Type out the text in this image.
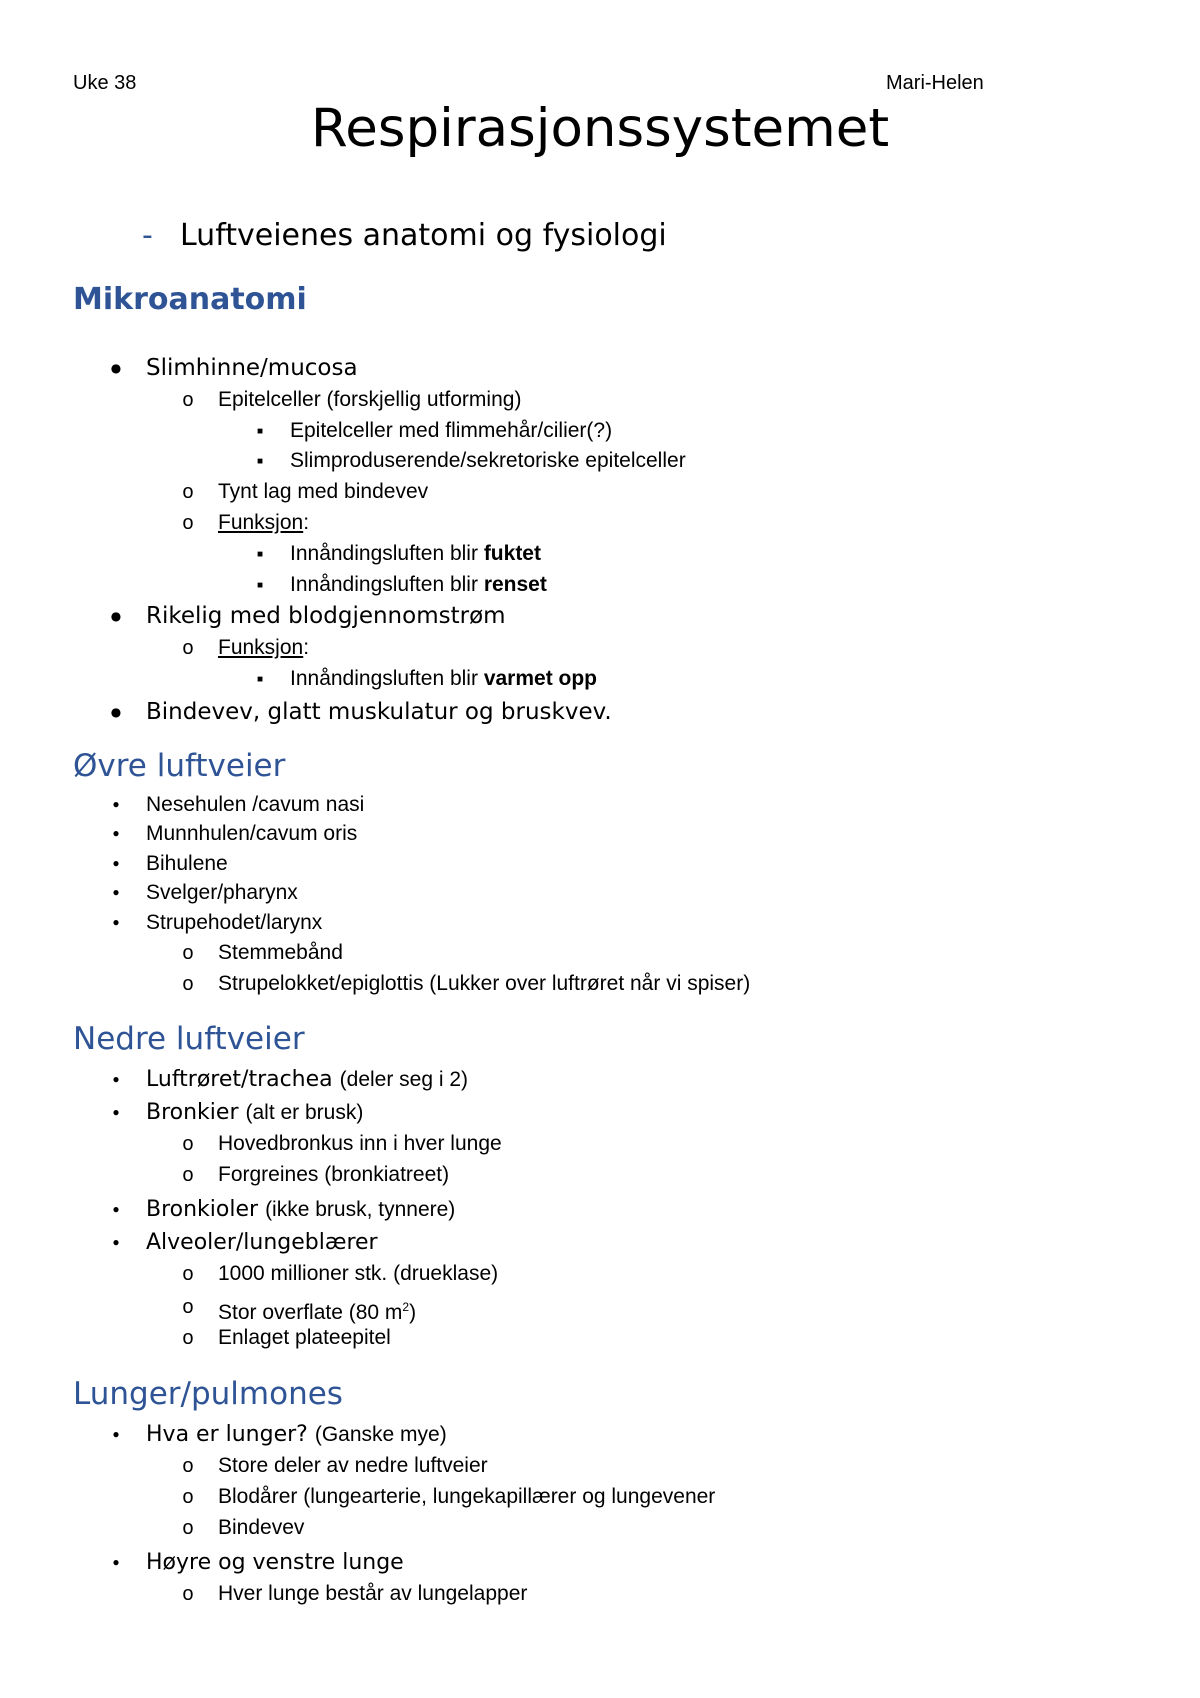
Uke 38	Mari-Helen
Respirasjonssystemet
- Luftveienes anatomi og fysiologi
Mikroanatomi
●
Slimhinne/mucosa
o
Epitelceller (forskjellig utforming)
■
Epitelceller med flimmehår/cilier(?)
■
Slimproduserende/sekretoriske epitelceller
o
Tynt lag med bindevev
o
Funksjon:
■
Innåndingsluften blir fuktet
■
Innåndingsluften blir renset
●
Rikelig med blodgjennomstrøm
o
Funksjon:
■
Innåndingsluften blir varmet opp
●
Bindevev, glatt muskulatur og bruskvev.
Øvre luftveier
●
Nesehulen /cavum nasi
●
Munnhulen/cavum oris
●
Bihulene
●
Svelger/pharynx
●
Strupehodet/larynx
o
Stemmebånd
o
Strupelokket/epiglottis (Lukker over luftrøret når vi spiser)
Nedre luftveier
●
Luftrøret/trachea (deler seg i 2)
●
Bronkier (alt er brusk)
o
Hovedbronkus inn i hver lunge
o
Forgreines (bronkiatreet)
●
Bronkioler (ikke brusk, tynnere)
●
Alveoler/lungeblærer
o
1000 millioner stk. (drueklase)
o
Stor overflate (80 $m^2$)
o
Enlaget plateepitel
Lunger/pulmones
●
Hva er lunger? (Ganske mye)
o
Store deler av nedre luftveier
o
Blodårer (lungearterie, lungekapillærer og lungevener
o
Bindevev
●
Høyre og venstre lunge
o
Hver lunge består av lungelapper
